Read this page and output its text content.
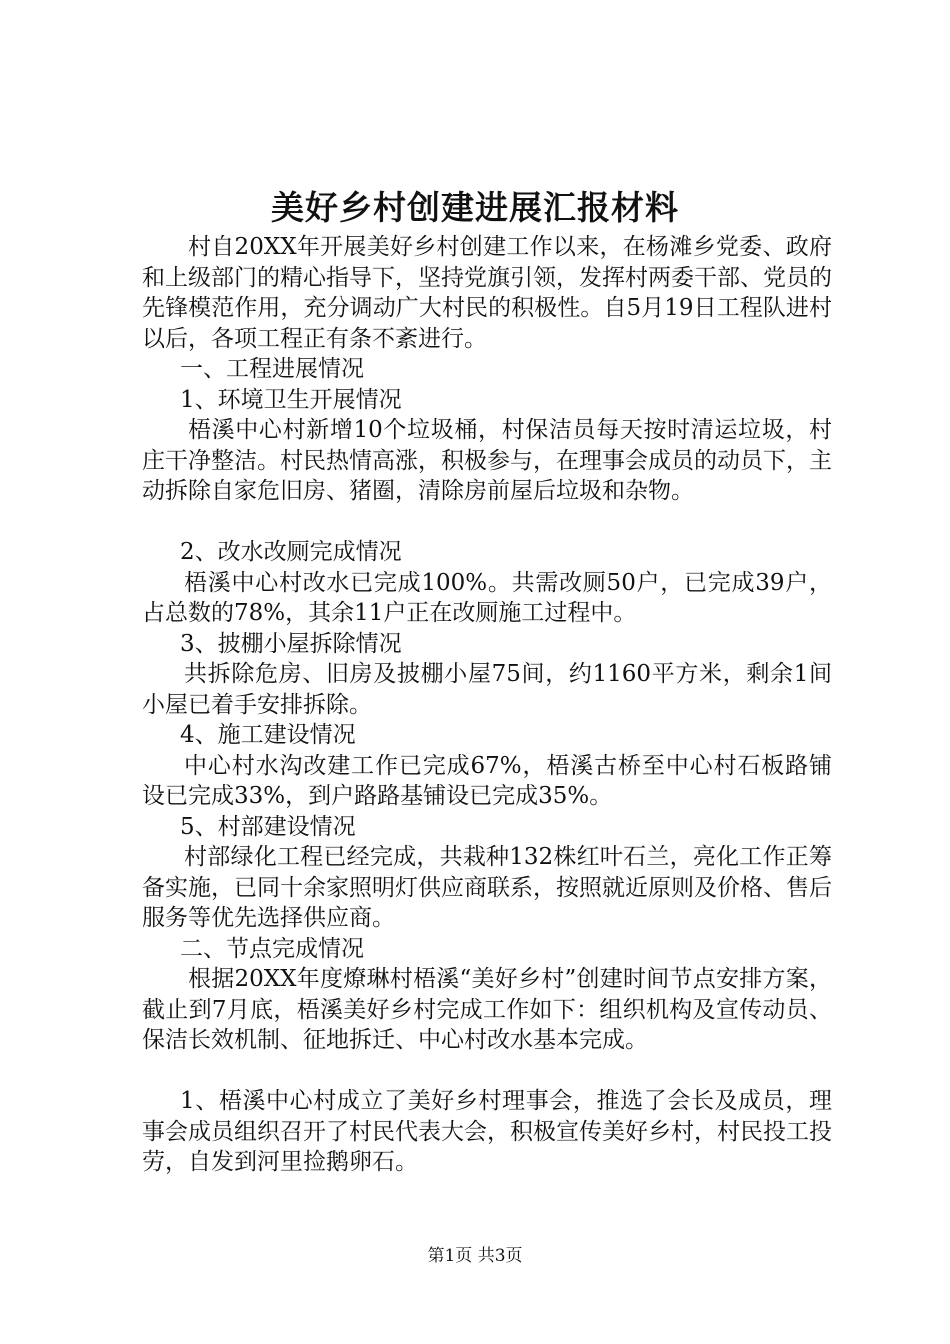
美好乡村创建进展汇报材料

村自20XX年开展美好乡村创建工作以来，在杨滩乡党委、政府和上级部门的精心指导下，坚持党旗引领，发挥村两委干部、党员的先锋模范作用，充分调动广大村民的积极性。自5月19日工程队进村以后，各项工程正有条不紊进行。

一、工程进展情况

1、环境卫生开展情况

梧溪中心村新增10个垃圾桶，村保洁员每天按时清运垃圾，村庄干净整洁。村民热情高涨，积极参与，在理事会成员的动员下，主动拆除自家危旧房、猪圈，清除房前屋后垃圾和杂物。

2、改水改厕完成情况

梧溪中心村改水已完成100%。共需改厕50户，已完成39户，占总数的78%，其余11户正在改厕施工过程中。

3、披棚小屋拆除情况

共拆除危房、旧房及披棚小屋75间，约1160平方米，剩余1间小屋已着手安排拆除。

4、施工建设情况

中心村水沟改建工作已完成67%，梧溪古桥至中心村石板路铺设已完成33%，到户路路基铺设已完成35%。

5、村部建设情况

村部绿化工程已经完成，共栽种132株红叶石兰，亮化工作正筹备实施，已同十余家照明灯供应商联系，按照就近原则及价格、售后服务等优先选择供应商。

二、节点完成情况

根据20XX年度燎琳村梧溪“美好乡村”创建时间节点安排方案，截止到7月底，梧溪美好乡村完成工作如下：组织机构及宣传动员、保洁长效机制、征地拆迁、中心村改水基本完成。

1、梧溪中心村成立了美好乡村理事会，推选了会长及成员，理事会成员组织召开了村民代表大会，积极宣传美好乡村，村民投工投劳，自发到河里捡鹅卵石。

第1页 共3页
